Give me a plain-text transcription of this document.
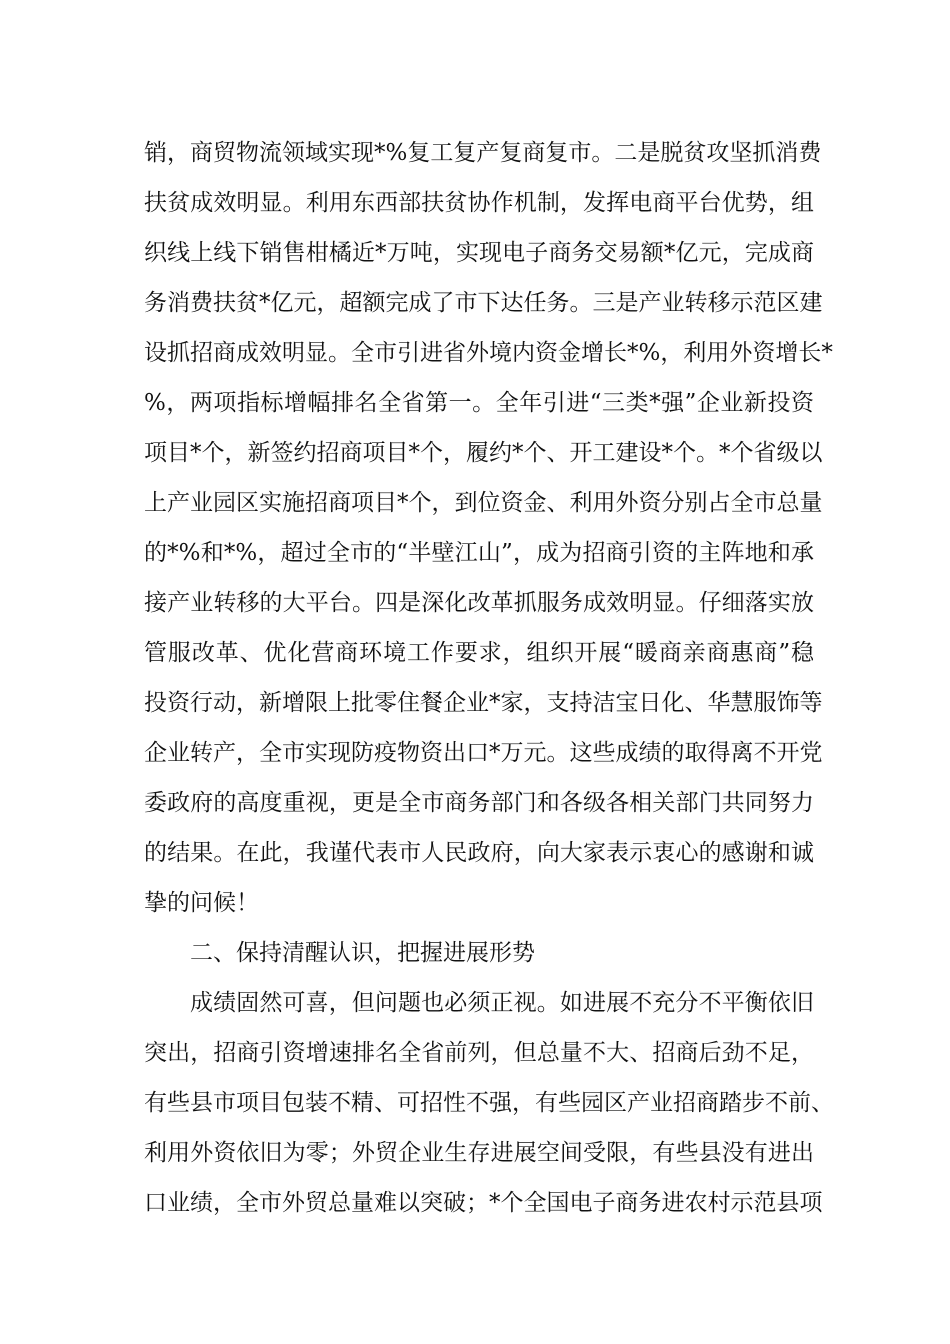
销，商贸物流领域实现*%复工复产复商复市。二是脱贫攻坚抓消费
扶贫成效明显。利用东西部扶贫协作机制，发挥电商平台优势，组
织线上线下销售柑橘近*万吨，实现电子商务交易额*亿元，完成商
务消费扶贫*亿元，超额完成了市下达任务。三是产业转移示范区建
设抓招商成效明显。全市引进省外境内资金增长*%，利用外资增长*
%，两项指标增幅排名全省第一。全年引进“三类*强”企业新投资
项目*个，新签约招商项目*个，履约*个、开工建设*个。*个省级以
上产业园区实施招商项目*个，到位资金、利用外资分别占全市总量
的*%和*%，超过全市的“半壁江山”，成为招商引资的主阵地和承
接产业转移的大平台。四是深化改革抓服务成效明显。仔细落实放
管服改革、优化营商环境工作要求，组织开展“暖商亲商惠商”稳
投资行动，新增限上批零住餐企业*家，支持洁宝日化、华慧服饰等
企业转产，全市实现防疫物资出口*万元。这些成绩的取得离不开党
委政府的高度重视，更是全市商务部门和各级各相关部门共同努力
的结果。在此，我谨代表市人民政府，向大家表示衷心的感谢和诚
挚的问候！
二、保持清醒认识，把握进展形势
成绩固然可喜，但问题也必须正视。如进展不充分不平衡依旧
突出，招商引资增速排名全省前列，但总量不大、招商后劲不足，
有些县市项目包装不精、可招性不强，有些园区产业招商踏步不前、
利用外资依旧为零；外贸企业生存进展空间受限，有些县没有进出
口业绩，全市外贸总量难以突破；*个全国电子商务进农村示范县项
